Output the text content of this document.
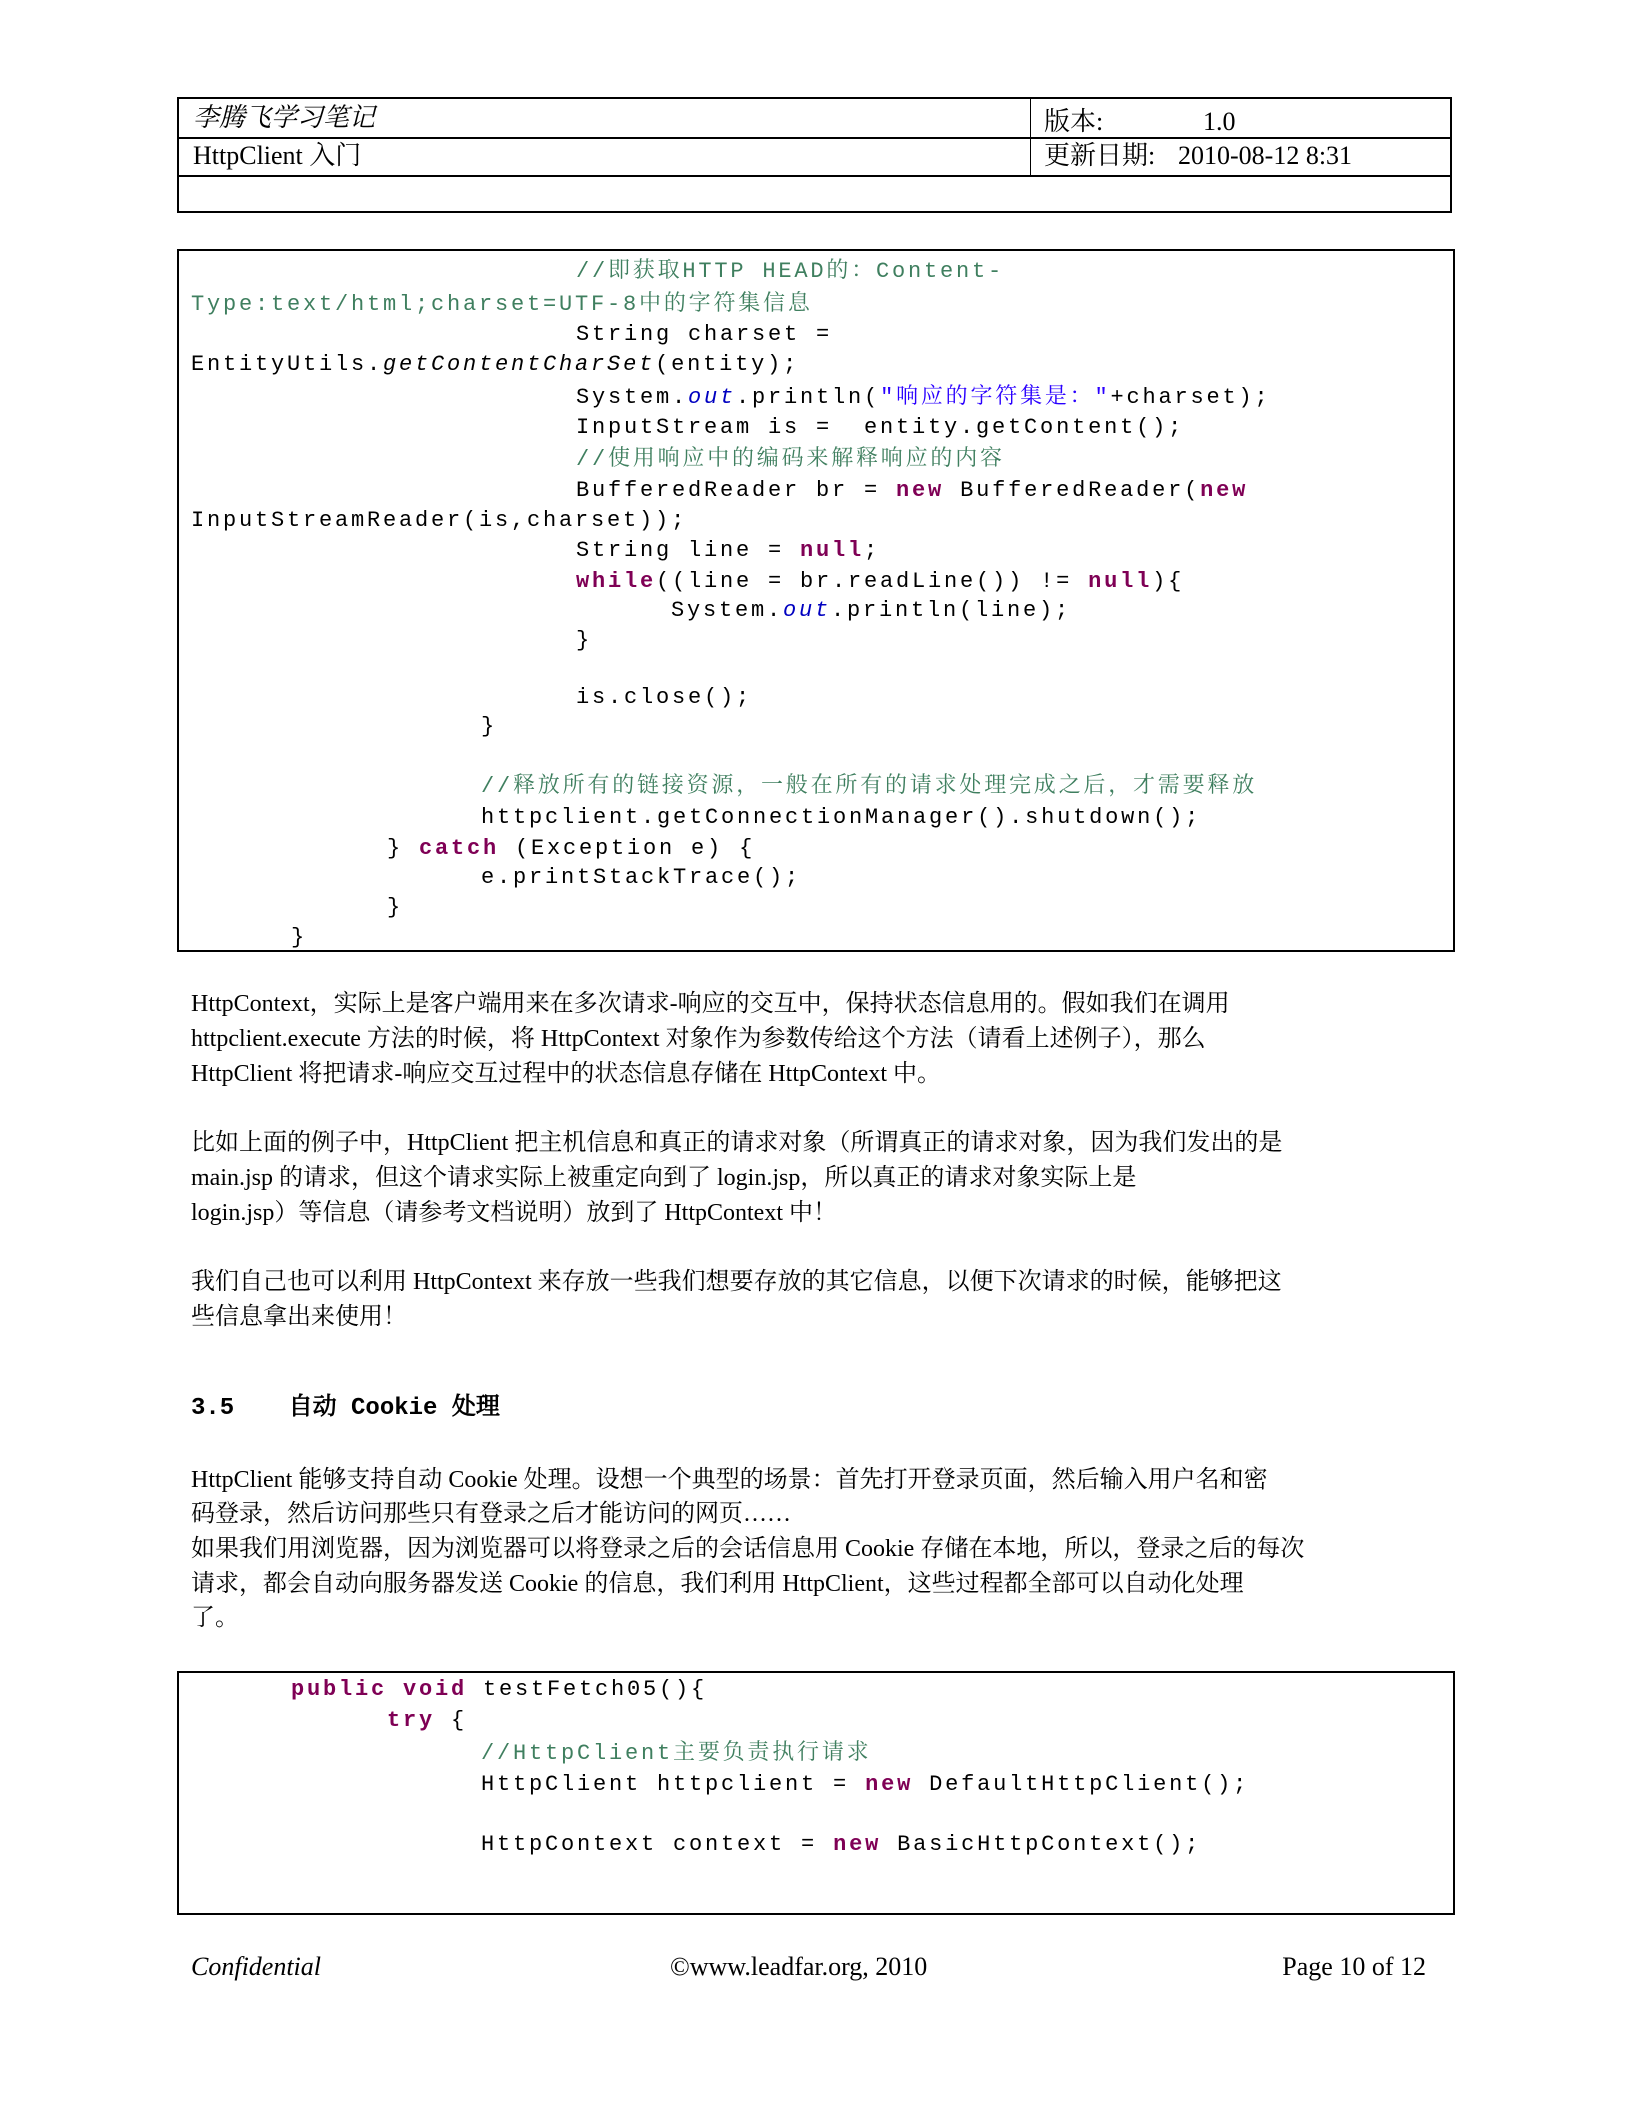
李腾飞学习笔记	版本:	1.0
HttpClient 入门	更新日期: 2010-08-12 8:31
//即获取HTTP HEAD的：Content-
Type:text/html;charset=UTF-8中的字符集信息
String charset =
EntityUtils.getContentCharSet(entity);
System.out.println("响应的字符集是："+charset);
InputStream is =  entity.getContent();
//使用响应中的编码来解释响应的内容
BufferedReader br = new BufferedReader(new
InputStreamReader(is,charset));
String line = null;
while((line = br.readLine()) != null){
System.out.println(line);
}
is.close();
}
//释放所有的链接资源，一般在所有的请求处理完成之后，才需要释放
httpclient.getConnectionManager().shutdown();
} catch (Exception e) {
e.printStackTrace();
}
}
HttpContext，实际上是客户端用来在多次请求-响应的交互中，保持状态信息用的。假如我们在调用
httpclient.execute 方法的时候，将 HttpContext 对象作为参数传给这个方法（请看上述例子），那么
HttpClient 将把请求-响应交互过程中的状态信息存储在 HttpContext 中。
比如上面的例子中，HttpClient 把主机信息和真正的请求对象（所谓真正的请求对象，因为我们发出的是
main.jsp 的请求，但这个请求实际上被重定向到了 login.jsp，所以真正的请求对象实际上是
login.jsp）等信息（请参考文档说明）放到了 HttpContext 中！
我们自己也可以利用 HttpContext 来存放一些我们想要存放的其它信息，以便下次请求的时候，能够把这
些信息拿出来使用！
HttpClient 能够支持自动 Cookie 处理。设想一个典型的场景：首先打开登录页面，然后输入用户名和密
码登录，然后访问那些只有登录之后才能访问的网页……
如果我们用浏览器，因为浏览器可以将登录之后的会话信息用 Cookie 存储在本地，所以，登录之后的每次
请求，都会自动向服务器发送 Cookie 的信息，我们利用 HttpClient，这些过程都全部可以自动化处理
了。
3.5 自动 Cookie 处理
public void testFetch05(){
try {
//HttpClient主要负责执行请求
HttpClient httpclient = new DefaultHttpClient();
HttpContext context = new BasicHttpContext();
Confidential	©www.leadfar.org, 2010	Page 10 of 12
